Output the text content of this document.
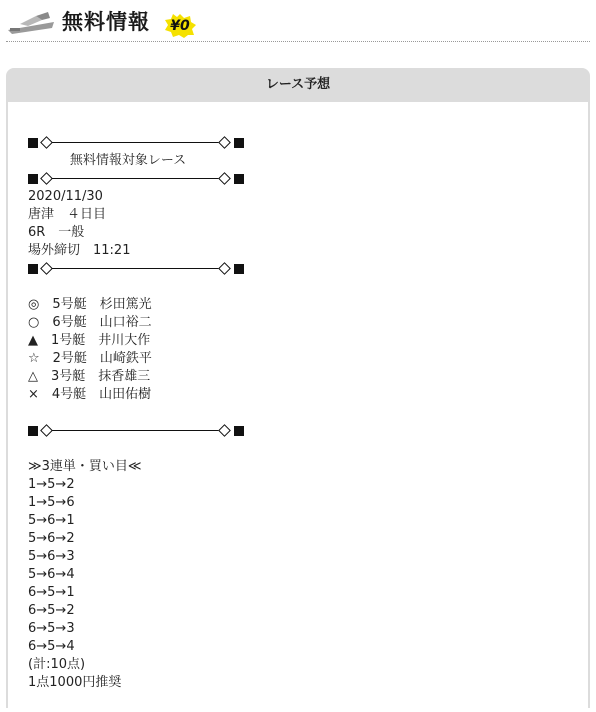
無料情報	¥0
レース予想
無料情報対象レース
2020/11/30
唐津　４日目
6R　一般
場外締切　11:21
◎　5号艇　杉田篤光
○　6号艇　山口裕二
▲　1号艇　井川大作
☆　2号艇　山崎鉄平
△　3号艇　抹香雄三
×　4号艇　山田佑樹
≫3連単・買い目≪
1→5→2
1→5→6
5→6→1
5→6→2
5→6→3
5→6→4
6→5→1
6→5→2
6→5→3
6→5→4
(計:10点)
1点1000円推奨
